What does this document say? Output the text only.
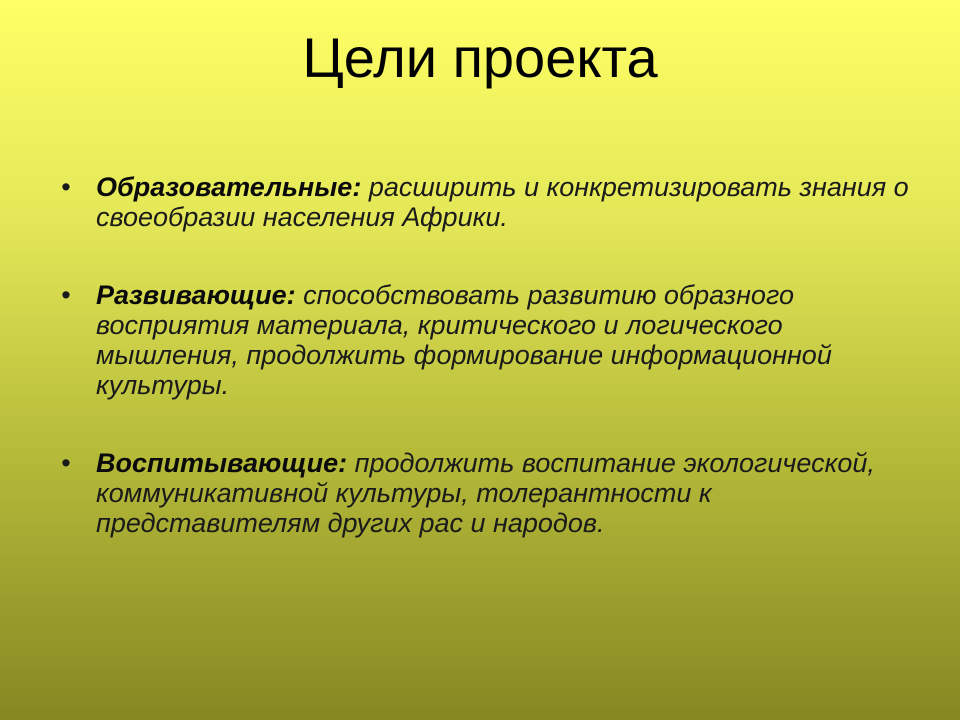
Цели проекта
• Образовательные: расширить и конкретизировать знания о своеобразии населения Африки.
• Развивающие: способствовать развитию образного восприятия материала, критического и логического мышления, продолжить формирование информационной культуры.
• Воспитывающие: продолжить воспитание экологической, коммуникативной культуры, толерантности к представителям других рас и народов.
